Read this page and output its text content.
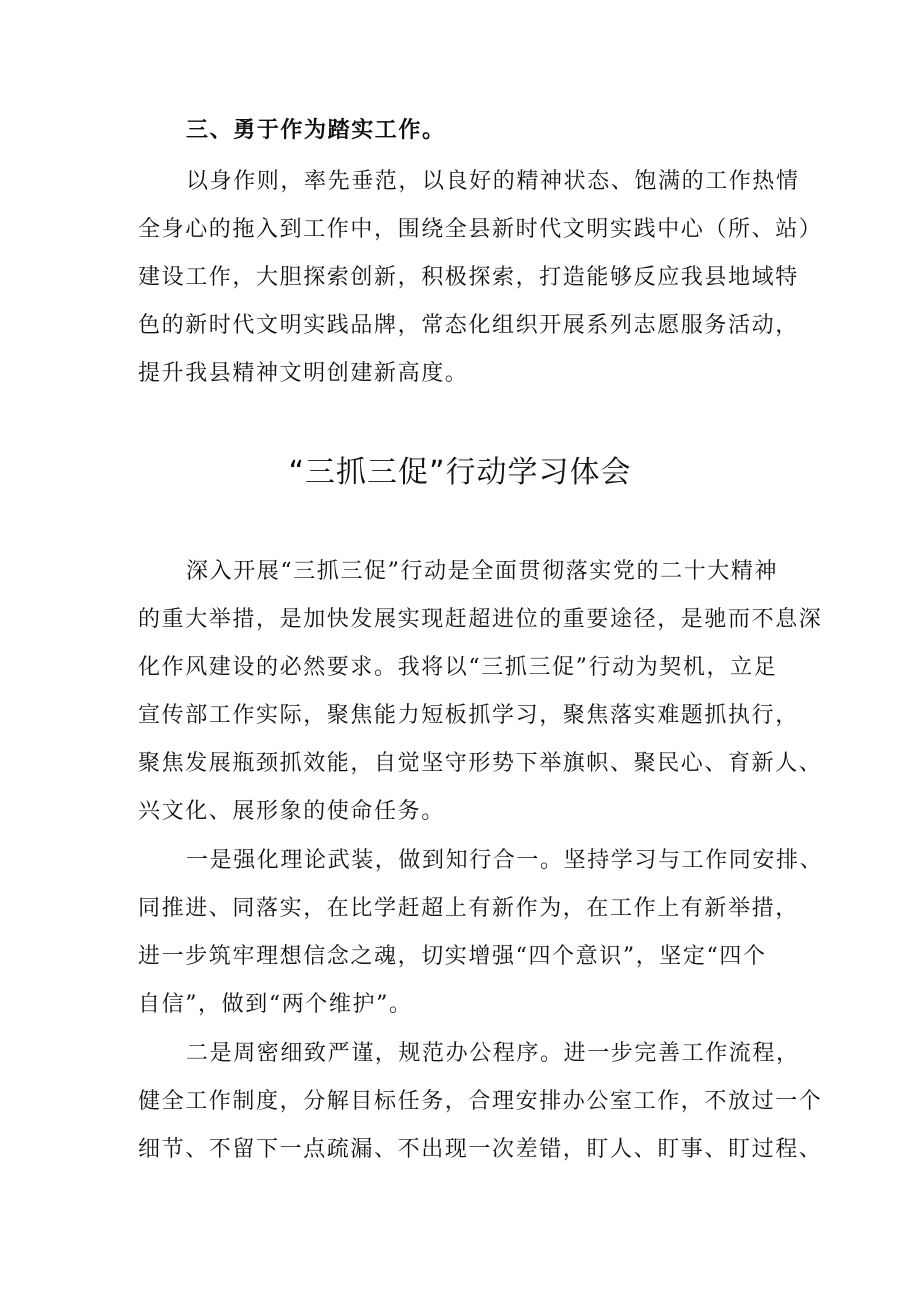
三、勇于作为踏实工作。
以身作则，率先垂范，以良好的精神状态、饱满的工作热情
全身心的拖入到工作中，围绕全县新时代文明实践中心（所、站）
建设工作，大胆探索创新，积极探索，打造能够反应我县地域特
色的新时代文明实践品牌，常态化组织开展系列志愿服务活动，
提升我县精神文明创建新高度。
“三抓三促”行动学习体会
深入开展“三抓三促”行动是全面贯彻落实党的二十大精神
的重大举措，是加快发展实现赶超进位的重要途径，是驰而不息深
化作风建设的必然要求。我将以“三抓三促”行动为契机，立足
宣传部工作实际，聚焦能力短板抓学习，聚焦落实难题抓执行，
聚焦发展瓶颈抓效能，自觉坚守形势下举旗帜、聚民心、育新人、
兴文化、展形象的使命任务。
一是强化理论武装，做到知行合一。坚持学习与工作同安排、
同推进、同落实，在比学赶超上有新作为，在工作上有新举措，
进一步筑牢理想信念之魂，切实增强“四个意识”，坚定“四个
自信”，做到“两个维护”。
二是周密细致严谨，规范办公程序。进一步完善工作流程，
健全工作制度，分解目标任务，合理安排办公室工作，不放过一个
细节、不留下一点疏漏、不出现一次差错，盯人、盯事、盯过程、
